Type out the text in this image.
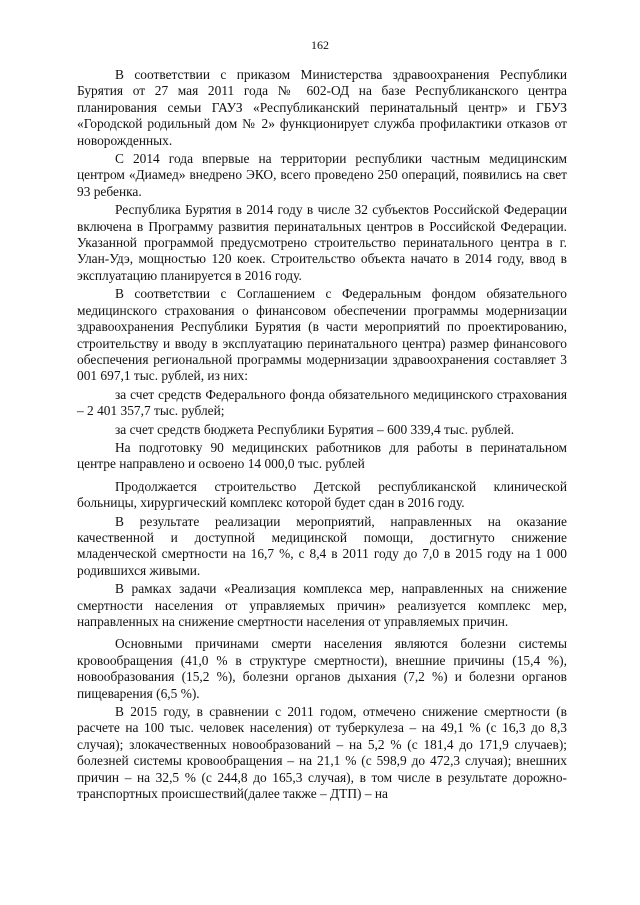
162

В соответствии с приказом Министерства здравоохранения Республики Бурятия от 27 мая 2011 года № 602-ОД на базе Республиканского центра планирования семьи ГАУЗ «Республиканский перинатальный центр» и ГБУЗ «Городской родильный дом № 2» функционирует служба профилактики отказов от новорожденных.

С 2014 года впервые на территории республики частным медицинским центром «Диамед» внедрено ЭКО, всего проведено 250 операций, появились на свет 93 ребенка.

Республика Бурятия в 2014 году в числе 32 субъектов Российской Федерации включена в Программу развития перинатальных центров в Российской Федерации. Указанной программой предусмотрено строительство перинатального центра в г. Улан-Удэ, мощностью 120 коек. Строительство объекта начато в 2014 году, ввод в эксплуатацию планируется в 2016 году.

В соответствии с Соглашением с Федеральным фондом обязательного медицинского страхования о финансовом обеспечении программы модернизации здравоохранения Республики Бурятия (в части мероприятий по проектированию, строительству и вводу в эксплуатацию перинатального центра) размер финансового обеспечения региональной программы модернизации здравоохранения составляет 3 001 697,1 тыс. рублей, из них:

за счет средств Федерального фонда обязательного медицинского страхования – 2 401 357,7 тыс. рублей;

за счет средств бюджета Республики Бурятия – 600 339,4 тыс. рублей.

На подготовку 90 медицинских работников для работы в перинатальном центре направлено и освоено 14 000,0 тыс. рублей

Продолжается строительство Детской республиканской клинической больницы, хирургический комплекс которой будет сдан в 2016 году.

В результате реализации мероприятий, направленных на оказание качественной и доступной медицинской помощи, достигнуто снижение младенческой смертности на 16,7 %, с 8,4 в 2011 году до 7,0 в 2015 году на 1 000 родившихся живыми.

В рамках задачи «Реализация комплекса мер, направленных на снижение смертности населения от управляемых причин» реализуется комплекс мер, направленных на снижение смертности населения от управляемых причин.

Основными причинами смерти населения являются болезни системы кровообращения (41,0 % в структуре смертности), внешние причины (15,4 %), новообразования (15,2 %), болезни органов дыхания (7,2 %) и болезни органов пищеварения (6,5 %).

В 2015 году, в сравнении с 2011 годом, отмечено снижение смертности (в расчете на 100 тыс. человек населения) от туберкулеза – на 49,1 % (с 16,3 до 8,3 случая); злокачественных новообразований – на 5,2 % (с 181,4 до 171,9 случаев); болезней системы кровообращения – на 21,1 % (с 598,9 до 472,3 случая); внешних причин – на 32,5 % (с 244,8 до 165,3 случая), в том числе в результате дорожно-транспортных происшествий(далее также – ДТП) – на
